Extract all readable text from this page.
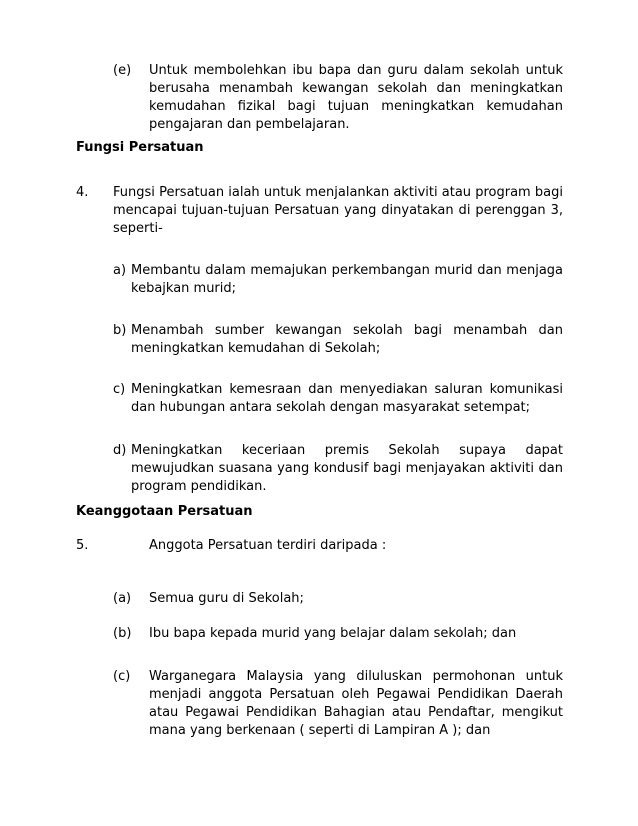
(e) Untuk membolehkan ibu bapa dan guru dalam sekolah untuk berusaha menambah kewangan sekolah dan meningkatkan kemudahan fizikal bagi tujuan meningkatkan kemudahan pengajaran dan pembelajaran.
Fungsi Persatuan
4. Fungsi Persatuan ialah untuk menjalankan aktiviti atau program bagi mencapai tujuan-tujuan Persatuan yang dinyatakan di perenggan 3, seperti-
a) Membantu dalam memajukan perkembangan murid dan menjaga kebajkan murid;
b) Menambah sumber kewangan sekolah bagi menambah dan meningkatkan kemudahan di Sekolah;
c) Meningkatkan kemesraan dan menyediakan saluran komunikasi dan hubungan antara sekolah dengan masyarakat setempat;
d) Meningkatkan keceriaan premis Sekolah supaya dapat mewujudkan suasana yang kondusif bagi menjayakan aktiviti dan program pendidikan.
Keanggotaan Persatuan
5.	Anggota Persatuan terdiri daripada :
(a) Semua guru di Sekolah;
(b) Ibu bapa kepada murid yang belajar dalam sekolah; dan
(c) Warganegara Malaysia yang diluluskan permohonan untuk menjadi anggota Persatuan oleh Pegawai Pendidikan Daerah atau Pegawai Pendidikan Bahagian atau Pendaftar, mengikut mana yang berkenaan ( seperti di Lampiran A ); dan
